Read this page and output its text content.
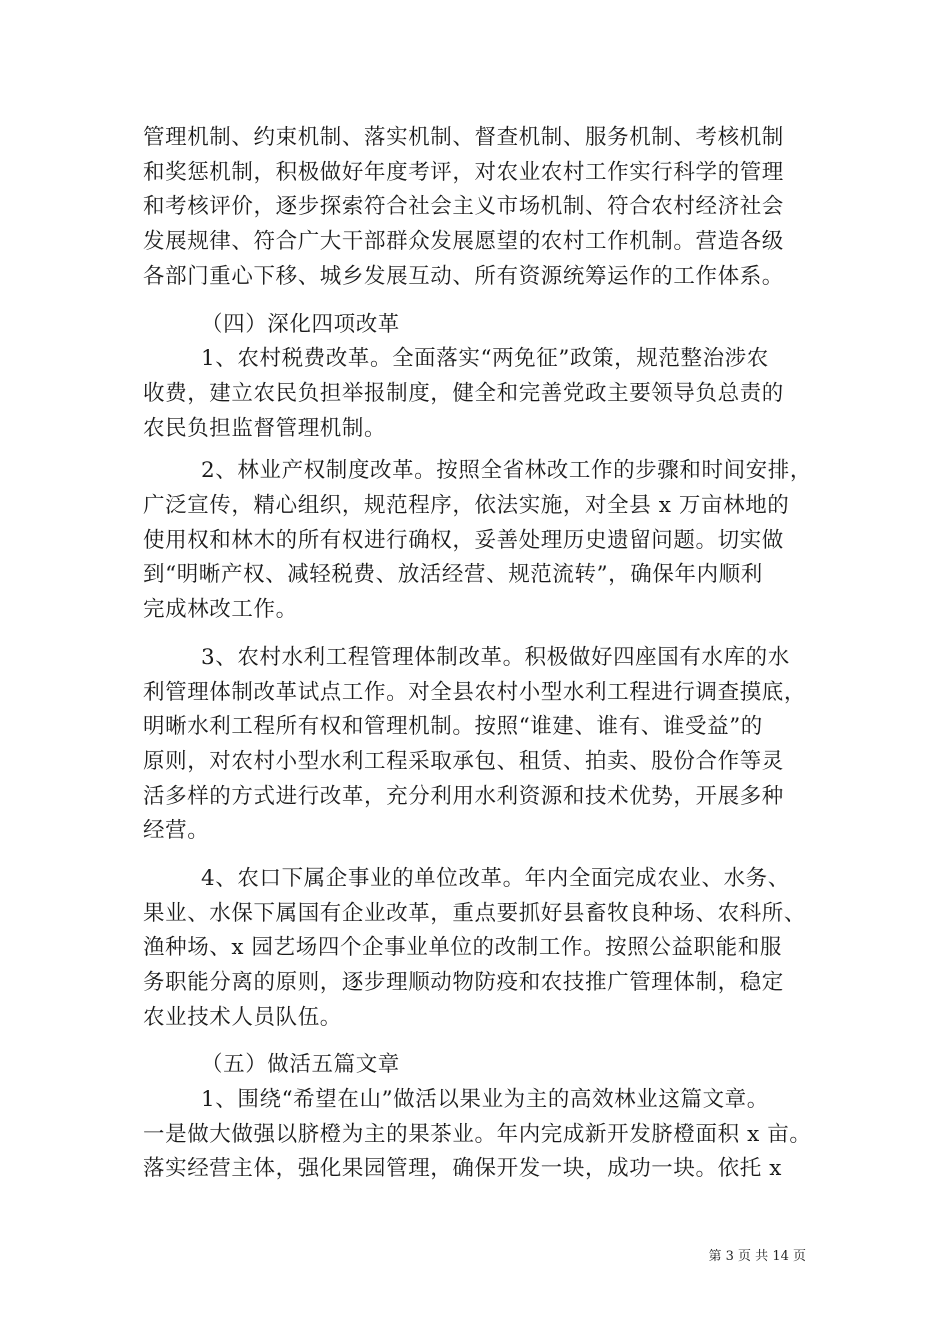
管理机制、约束机制、落实机制、督查机制、服务机制、考核机制
和奖惩机制，积极做好年度考评，对农业农村工作实行科学的管理
和考核评价，逐步探索符合社会主义市场机制、符合农村经济社会
发展规律、符合广大干部群众发展愿望的农村工作机制。营造各级
各部门重心下移、城乡发展互动、所有资源统筹运作的工作体系。
（四）深化四项改革
1、农村税费改革。全面落实“两免征”政策，规范整治涉农
收费，建立农民负担举报制度，健全和完善党政主要领导负总责的
农民负担监督管理机制。
2、林业产权制度改革。按照全省林改工作的步骤和时间安排，
广泛宣传，精心组织，规范程序，依法实施，对全县 x 万亩林地的
使用权和林木的所有权进行确权，妥善处理历史遗留问题。切实做
到“明晰产权、减轻税费、放活经营、规范流转”，确保年内顺利
完成林改工作。
3、农村水利工程管理体制改革。积极做好四座国有水库的水
利管理体制改革试点工作。对全县农村小型水利工程进行调查摸底，
明晰水利工程所有权和管理机制。按照“谁建、谁有、谁受益”的
原则，对农村小型水利工程采取承包、租赁、拍卖、股份合作等灵
活多样的方式进行改革，充分利用水利资源和技术优势，开展多种
经营。
4、农口下属企事业的单位改革。年内全面完成农业、水务、
果业、水保下属国有企业改革，重点要抓好县畜牧良种场、农科所、
渔种场、x 园艺场四个企事业单位的改制工作。按照公益职能和服
务职能分离的原则，逐步理顺动物防疫和农技推广管理体制，稳定
农业技术人员队伍。
（五）做活五篇文章
1、围绕“希望在山”做活以果业为主的高效林业这篇文章。
一是做大做强以脐橙为主的果茶业。年内完成新开发脐橙面积 x 亩。
落实经营主体，强化果园管理，确保开发一块，成功一块。依托 x
第 3 页 共 14 页
